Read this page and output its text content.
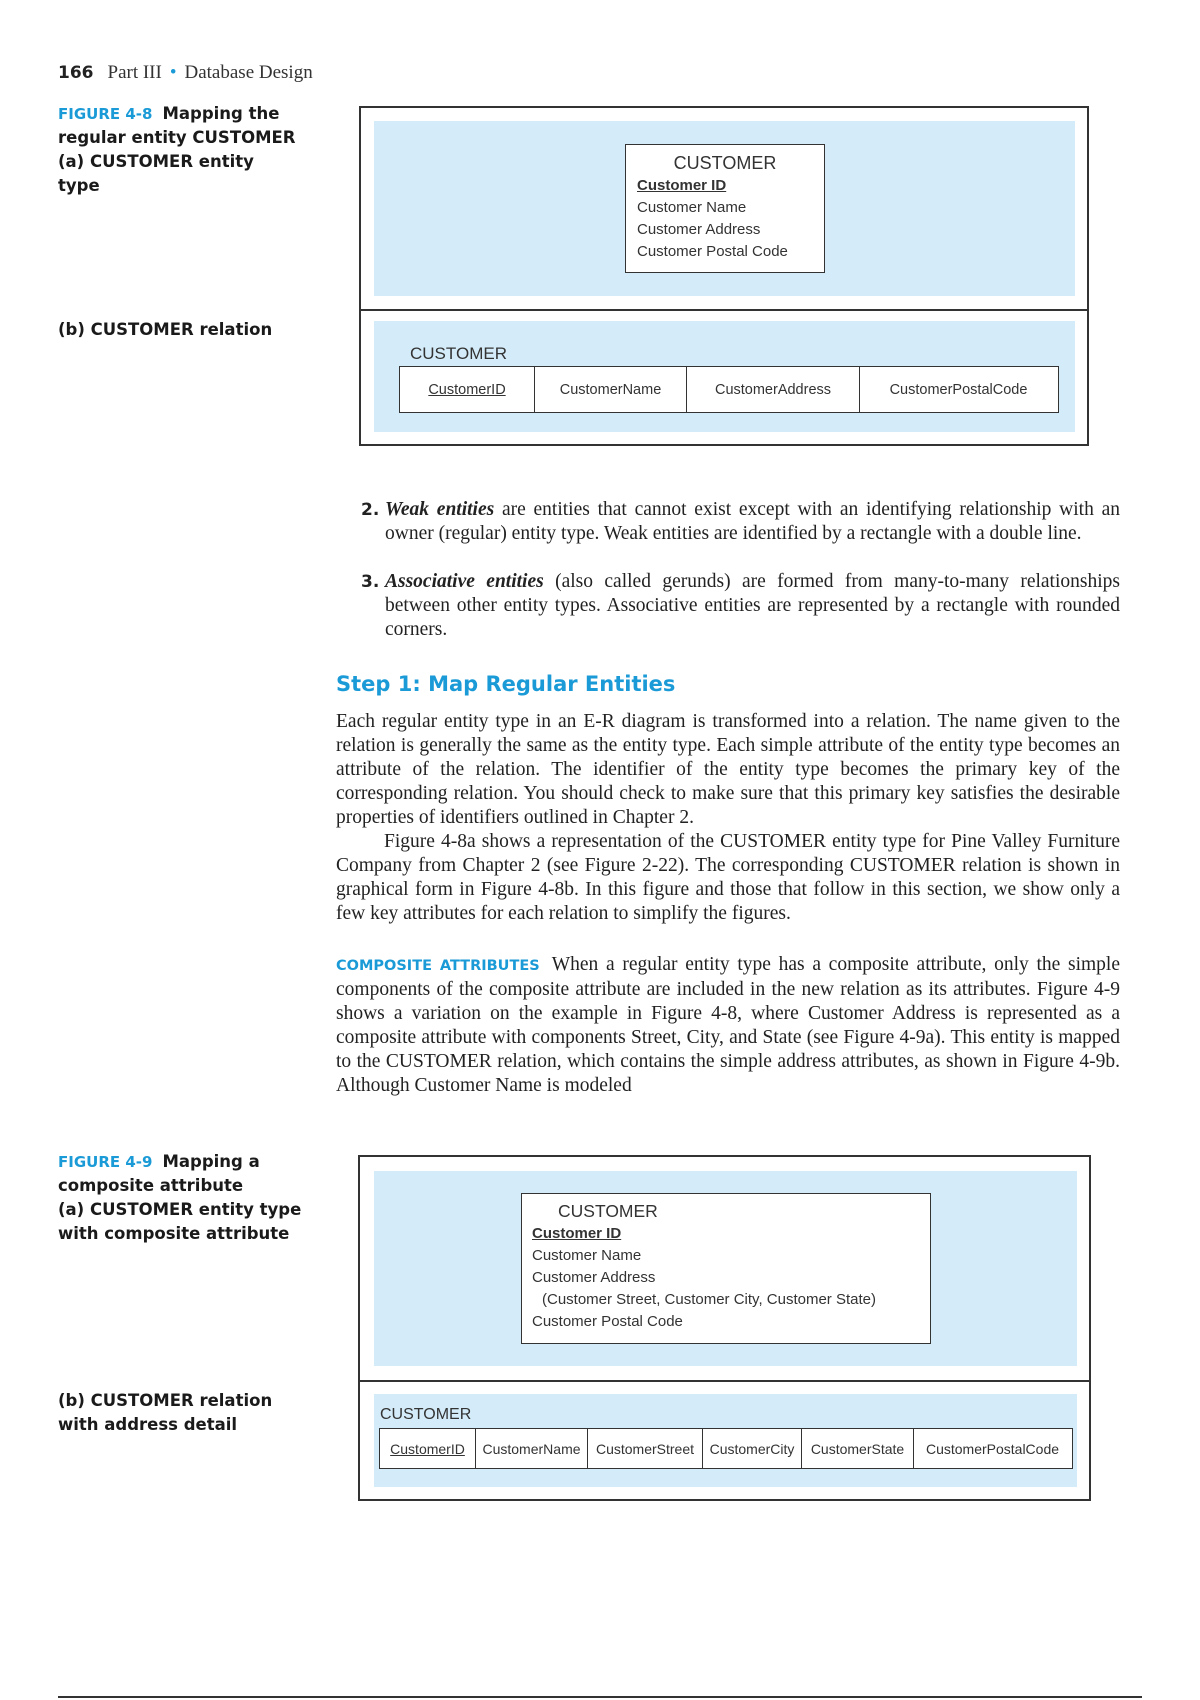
166 Part III • Database Design
FIGURE 4-8 Mapping the regular entity CUSTOMER
(a) CUSTOMER entity type
(b) CUSTOMER relation
CUSTOMER
Customer ID
Customer Name
Customer Address
Customer Postal Code
CUSTOMER
CustomerID	CustomerName	CustomerAddress	CustomerPostalCode
2. Weak entities are entities that cannot exist except with an identifying relationship with an owner (regular) entity type. Weak entities are identified by a rectangle with a double line.
3. Associative entities (also called gerunds) are formed from many-to-many relationships between other entity types. Associative entities are represented by a rectangle with rounded corners.
Step 1: Map Regular Entities

Each regular entity type in an E-R diagram is transformed into a relation. The name given to the relation is generally the same as the entity type. Each simple attribute of the entity type becomes an attribute of the relation. The identifier of the entity type becomes the primary key of the corresponding relation. You should check to make sure that this primary key satisfies the desirable properties of identifiers outlined in Chapter 2.

Figure 4-8a shows a representation of the CUSTOMER entity type for Pine Valley Furniture Company from Chapter 2 (see Figure 2-22). The corresponding CUSTOMER relation is shown in graphical form in Figure 4-8b. In this figure and those that follow in this section, we show only a few key attributes for each relation to simplify the figures.

COMPOSITE ATTRIBUTES When a regular entity type has a composite attribute, only the simple components of the composite attribute are included in the new relation as its attributes. Figure 4-9 shows a variation on the example in Figure 4-8, where Customer Address is represented as a composite attribute with components Street, City, and State (see Figure 4-9a). This entity is mapped to the CUSTOMER relation, which contains the simple address attributes, as shown in Figure 4-9b. Although Customer Name is modeled

FIGURE 4-9 Mapping a composite attribute
(a) CUSTOMER entity type with composite attribute
(b) CUSTOMER relation with address detail
CUSTOMER
Customer ID
Customer Name
Customer Address
(Customer Street, Customer City, Customer State)
Customer Postal Code
CUSTOMER
CustomerID	CustomerName	CustomerStreet	CustomerCity	CustomerState	CustomerPostalCode
